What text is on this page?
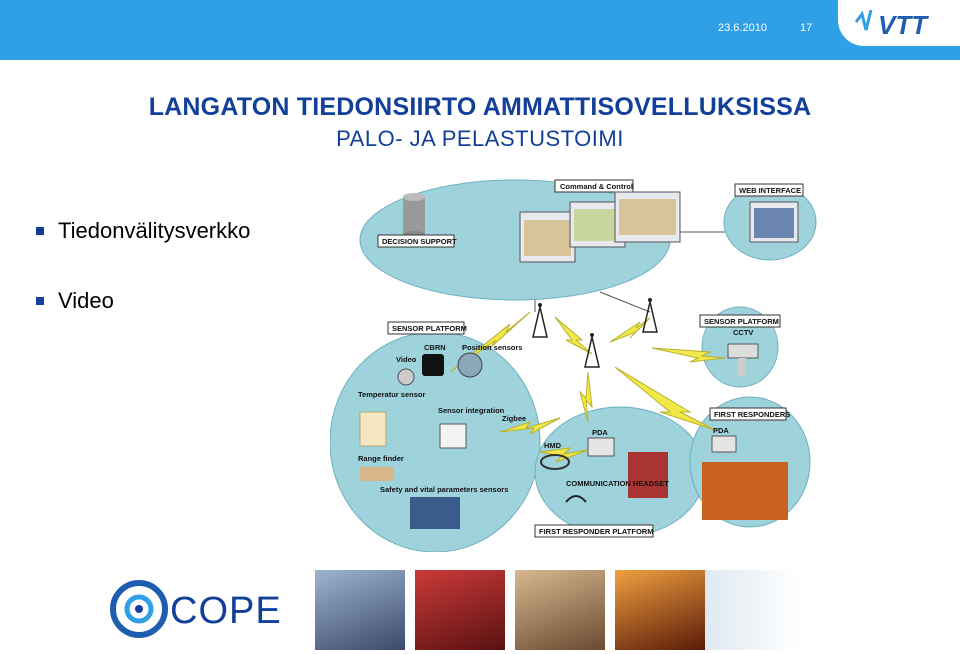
23.6.2010	17	VTT
LANGATON TIEDONSIIRTO AMMATTISOVELLUKSISSA
PALO- JA PELASTUSTOIMI
Tiedonvälitysverkko
Video
Command & Control
DECISION SUPPORT
WEB INTERFACE
SENSOR PLATFORM
CBRN Position sensors
Video
Temperatur sensor
Sensor integration
Zigbee
Range finder
Safety and vital parameters sensors
SENSOR PLATFORM
CCTV
FIRST RESPONDERS
PDA
PDA
HMD
COMMUNICATION HEADSET
FIRST RESPONDER PLATFORM
COPE
